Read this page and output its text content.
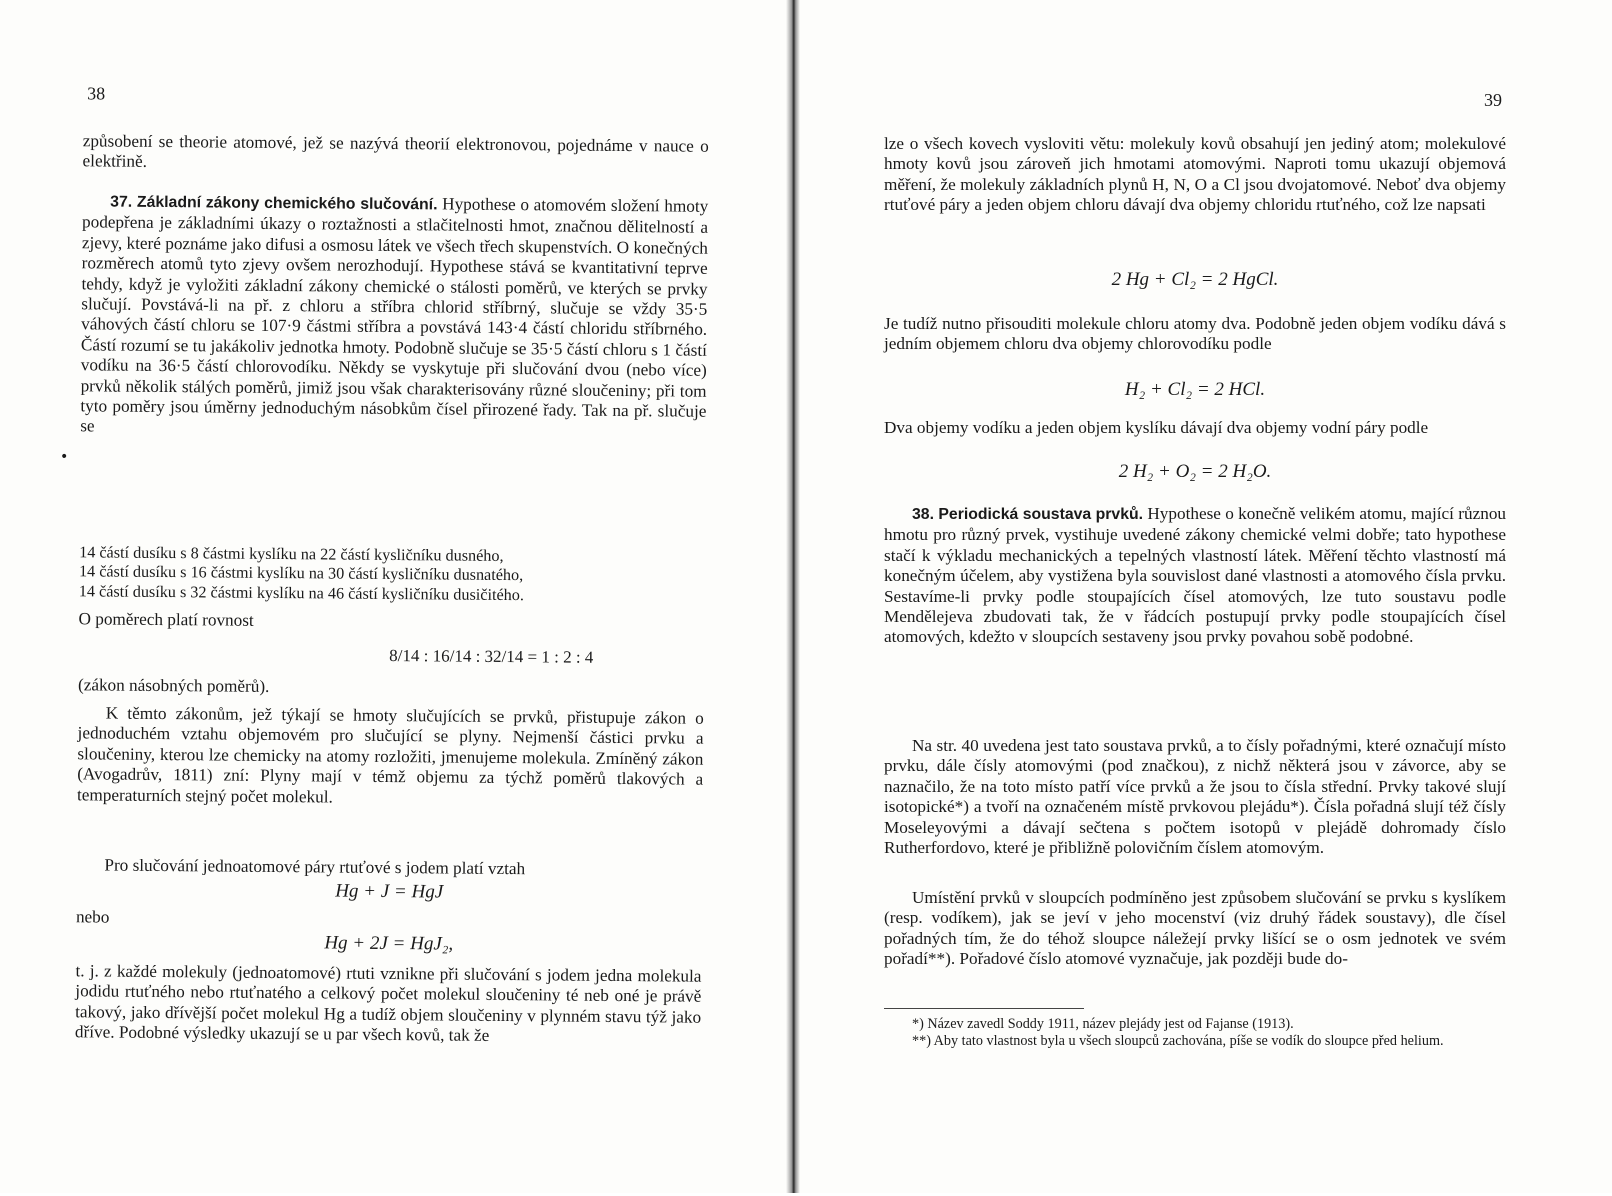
38

způsobení se theorie atomové, jež se nazývá theorií elektronovou, pojednáme v nauce o elektřině.

37. Základní zákony chemického slučování. Hypothese o atomovém složení hmoty podepřena je základními úkazy o roztažnosti a stlačitelnosti hmot, značnou dělitelností a zjevy, které poznáme jako difusi a osmosu látek ve všech třech skupenstvích. O konečných rozměrech atomů tyto zjevy ovšem nerozhodují. Hypothese stává se kvantitativní teprve tehdy, když je vyložiti základní zákony chemické o stálosti poměrů, ve kterých se prvky slučují. Povstává-li na př. z chloru a stříbra chlorid stříbrný, slučuje se vždy 35·5 váhových částí chloru se 107·9 částmi stříbra a povstává 143·4 částí chloridu stříbrného. Částí rozumí se tu jakákoliv jednotka hmoty. Podobně slučuje se 35·5 částí chloru s 1 částí vodíku na 36·5 částí chlorovodíku. Někdy se vyskytuje při slučování dvou (nebo více) prvků několik stálých poměrů, jimiž jsou však charakterisovány různé sloučeniny; při tom tyto poměry jsou úměrny jednoduchým násobkům čísel přirozené řady. Tak na př. slučuje se

14 částí dusíku s 8 částmi kyslíku na 22 částí kysličníku dusného,

14 částí dusíku s 16 částmi kyslíku na 30 částí kysličníku dusnatého,

14 částí dusíku s 32 částmi kyslíku na 46 částí kysličníku dusičitého.

O poměrech platí rovnost

8/14 : 16/14 : 32/14 = 1 : 2 : 4

(zákon násobných poměrů).

K těmto zákonům, jež týkají se hmoty slučujících se prvků, přistupuje zákon o jednoduchém vztahu objemovém pro slučující se plyny. Nejmenší částici prvku a sloučeniny, kterou lze chemicky na atomy rozložiti, jmenujeme molekula. Zmíněný zákon (Avogadrův, 1811) zní: Plyny mají v témž objemu za týchž poměrů tlakových a temperaturních stejný počet molekul.

Pro slučování jednoatomové páry rtuťové s jodem platí vztah

Hg + J = HgJ

nebo

Hg + 2J = HgJ₂,

t. j. z každé molekuly (jednoatomové) rtuti vznikne při slučování s jodem jedna molekula jodidu rtuťného nebo rtuťnatého a celkový počet molekul sloučeniny té neb oné je právě takový, jako dřívější počet molekul Hg a tudíž objem sloučeniny v plynném stavu týž jako dříve. Podobné výsledky ukazují se u par všech kovů, tak že

•
39

lze o všech kovech vysloviti větu: molekuly kovů obsahují jen jediný atom; molekulové hmoty kovů jsou zároveň jich hmotami atomovými. Naproti tomu ukazují objemová měření, že molekuly základních plynů H, N, O a Cl jsou dvojatomové. Neboť dva objemy rtuťové páry a jeden objem chloru dávají dva objemy chloridu rtuťného, což lze napsati

2 Hg + Cl₂ = 2 HgCl.

Je tudíž nutno přisouditi molekule chloru atomy dva. Podobně jeden objem vodíku dává s jedním objemem chloru dva objemy chlorovodíku podle

H₂ + Cl₂ = 2 HCl.

Dva objemy vodíku a jeden objem kyslíku dávají dva objemy vodní páry podle

2 H₂ + O₂ = 2 H₂O.

38. Periodická soustava prvků. Hypothese o konečně velikém atomu, mající různou hmotu pro různý prvek, vystihuje uvedené zákony chemické velmi dobře; tato hypothese stačí k výkladu mechanických a tepelných vlastností látek. Měření těchto vlastností má konečným účelem, aby vystižena byla souvislost dané vlastnosti a atomového čísla prvku. Sestavíme-li prvky podle stoupajících čísel atomových, lze tuto soustavu podle Mendělejeva zbudovati tak, že v řádcích postupují prvky podle stoupajících čísel atomových, kdežto v sloupcích sestaveny jsou prvky povahou sobě podobné.

Na str. 40 uvedena jest tato soustava prvků, a to čísly pořadnými, které označují místo prvku, dále čísly atomovými (pod značkou), z nichž některá jsou v závorce, aby se naznačilo, že na toto místo patří více prvků a že jsou to čísla střední. Prvky takové slují isotopické*) a tvoří na označeném místě prvkovou plejádu*). Čísla pořadná slují též čísly Moseleyovými a dávají sečtena s počtem isotopů v plejádě dohromady číslo Rutherfordovo, které je přibližně polovičním číslem atomovým.

Umístění prvků v sloupcích podmíněno jest způsobem slučování se prvku s kyslíkem (resp. vodíkem), jak se jeví v jeho mocenství (viz druhý řádek soustavy), dle čísel pořadných tím, že do téhož sloupce náležejí prvky lišící se o osm jednotek ve svém pořadí**). Pořadové číslo atomové vyznačuje, jak později bude do-

*) Název zavedl Soddy 1911, název plejády jest od Fajanse (1913).

**) Aby tato vlastnost byla u všech sloupců zachována, píše se vodík do sloupce před helium.
